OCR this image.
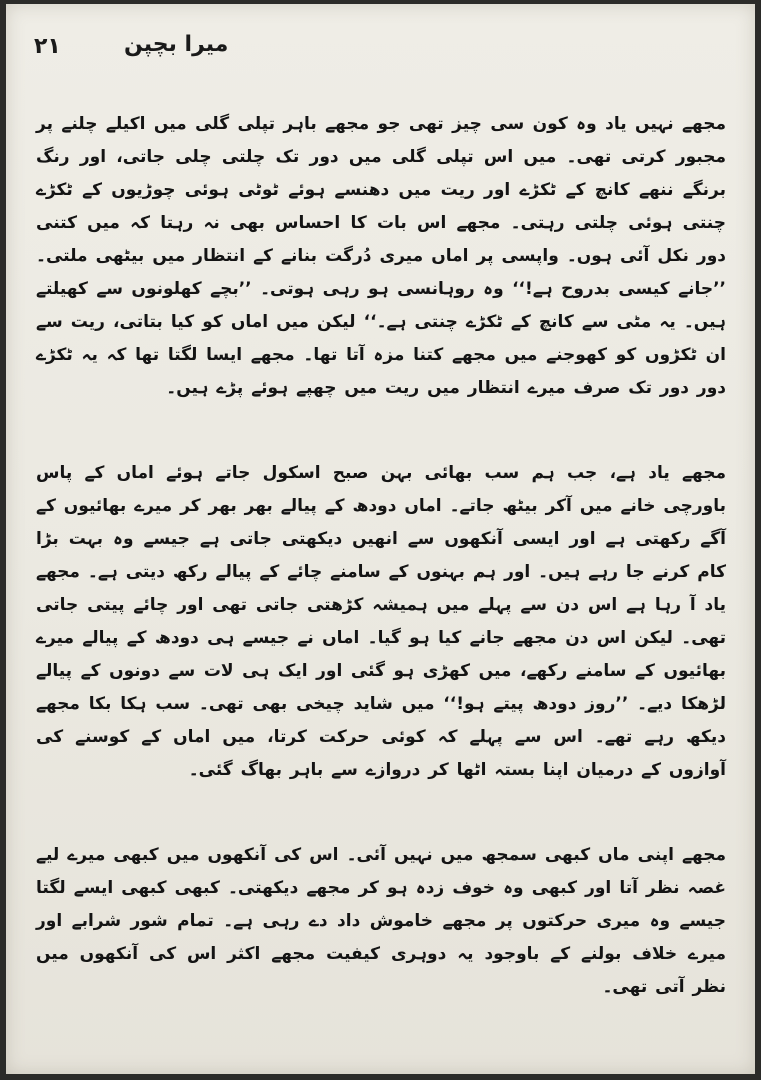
۲۱	میرا بچپن

مجھے نہیں یاد وہ کون سی چیز تھی جو مجھے باہر تپلی گلی میں اکیلے چلنے پر مجبور کرتی تھی۔ میں اس تپلی گلی میں دور تک چلتی چلی جاتی، اور رنگ برنگے ننھے کانچ کے ٹکڑے اور ریت میں دھنسے ہوئے ٹوٹی ہوئی چوڑیوں کے ٹکڑے چنتی ہوئی چلتی رہتی۔ مجھے اس بات کا احساس بھی نہ رہتا کہ میں کتنی دور نکل آئی ہوں۔ واپسی پر اماں میری دُرگت بنانے کے انتظار میں بیٹھی ملتی۔ ’’جانے کیسی بدروح ہے!‘‘ وہ روہانسی ہو رہی ہوتی۔ ’’بچے کھلونوں سے کھیلتے ہیں۔ یہ مٹی سے کانچ کے ٹکڑے چنتی ہے۔‘‘ لیکن میں اماں کو کیا بتاتی، ریت سے ان ٹکڑوں کو کھوجنے میں مجھے کتنا مزہ آتا تھا۔ مجھے ایسا لگتا تھا کہ یہ ٹکڑے دور دور تک صرف میرے انتظار میں ریت میں چھپے ہوئے پڑے ہیں۔

مجھے یاد ہے، جب ہم سب بھائی بہن صبح اسکول جاتے ہوئے اماں کے پاس باورچی خانے میں آکر بیٹھ جاتے۔ اماں دودھ کے پیالے بھر بھر کر میرے بھائیوں کے آگے رکھتی ہے اور ایسی آنکھوں سے انھیں دیکھتی جاتی ہے جیسے وہ بہت بڑا کام کرنے جا رہے ہیں۔ اور ہم بہنوں کے سامنے چائے کے پیالے رکھ دیتی ہے۔ مجھے یاد آ رہا ہے اس دن سے پہلے میں ہمیشہ کڑھتی جاتی تھی اور چائے پیتی جاتی تھی۔ لیکن اس دن مجھے جانے کیا ہو گیا۔ اماں نے جیسے ہی دودھ کے پیالے میرے بھائیوں کے سامنے رکھے، میں کھڑی ہو گئی اور ایک ہی لات سے دونوں کے پیالے لڑھکا دیے۔ ’’روز دودھ پیتے ہو!‘‘ میں شاید چیخی بھی تھی۔ سب ہکا بکا مجھے دیکھ رہے تھے۔ اس سے پہلے کہ کوئی حرکت کرتا، میں اماں کے کوسنے کی آوازوں کے درمیان اپنا بستہ اٹھا کر دروازے سے باہر بھاگ گئی۔

مجھے اپنی ماں کبھی سمجھ میں نہیں آئی۔ اس کی آنکھوں میں کبھی میرے لیے غصہ نظر آتا اور کبھی وہ خوف زدہ ہو کر مجھے دیکھتی۔ کبھی کبھی ایسے لگتا جیسے وہ میری حرکتوں پر مجھے خاموش داد دے رہی ہے۔ تمام شور شرابے اور میرے خلاف بولنے کے باوجود یہ دوہری کیفیت مجھے اکثر اس کی آنکھوں میں نظر آتی تھی۔
